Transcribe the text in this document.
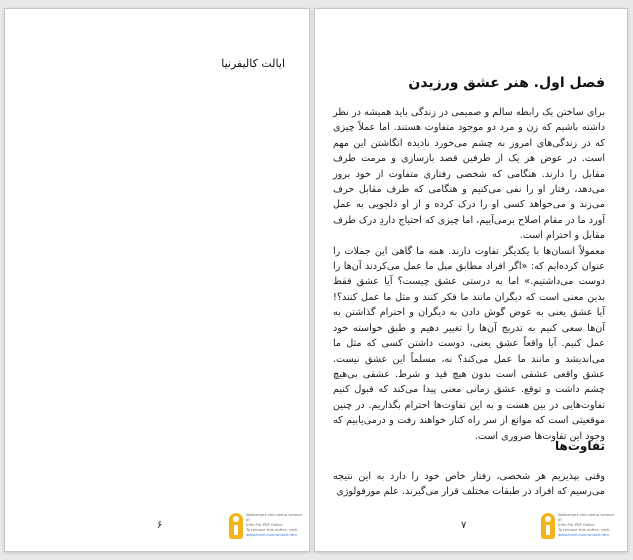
ایالت کالیفرنیا
۶
Watermark this demo version of
Infix Pro PDF Editor.
To remove this notice, visit:
www.iceni.com/unlock.htm
فصل اول. هنر عشق ورزیدن

برای ساختن یک رابطه سالم و صمیمی در زندگی باید همیشه در نظر داشته باشیم که زن و مرد دو موجود متفاوت هستند. اما عملاً چیزی که در زندگی‌های امروز به چشم می‌خورد نادیده انگاشتن این مهم است. در عوض هر یک از طرفین قصد بازسازی و مرمت طرف مقابل را دارند. هنگامی که شخصی رفتاری متفاوت از خود بروز می‌دهد، رفتار او را نفی می‌کنیم و هنگامی که طرف مقابل حرف می‌زند و می‌خواهد کسی او را درک کرده و از او دلجویی به عمل آورد ما در مقام اصلاح برمی‌آییم، اما چیزی که احتیاج داردِ درک طرف مقابل و احترام است.

معمولاً انسان‌ها با یکدیگر تفاوت دارند. همه ما گاهی این جملات را عنوان کرده‌ایم که: «اگر افراد مطابق میل ما عمل می‌کردند آن‌ها را دوست می‌داشتیم.» اما به درستی عشق چیست؟ آیا عشق فقط بدین معنی است که دیگران مانند ما فکر کنند و مثل ما عمل کنند؟! آیا عشق یعنی به عوض گوش دادن به دیگران و احترام گذاشتن به آن‌ها سعی کنیم به تدریج آن‌ها را تغییر دهیم و طبق خواسته خود عمل کنیم. آیا واقعاً عشق یعنی، دوست داشتن کسی که مثل ما می‌اندیشد و مانند ما عمل می‌کند؟ نه، مسلماً این عشق نیست. عشق واقعی عشقی است بدون هیچ قید و شرط. عشقی بی‌هیچ چشم داشت و توقع. عشق زمانی معنی پیدا می‌کند که قبول کنیم تفاوت‌هایی در بین هست و به این تفاوت‌ها احترام بگذاریم. در چنین موقعیتی است که موانع از سر راه کنار خواهند رفت و درمی‌یابیم که وجود این تفاوت‌ها ضروری است.

تفاوت‌ها

وقتی بپذیریم هر شخصی، رفتار خاص خود را دارد به این نتیجه می‌رسیم که افراد در طبقات مختلف قرار می‌گیرند. علم مورفولوژی

۷
Watermark this demo version of
Infix Pro PDF Editor.
To remove this notice, visit:
www.iceni.com/unlock.htm
